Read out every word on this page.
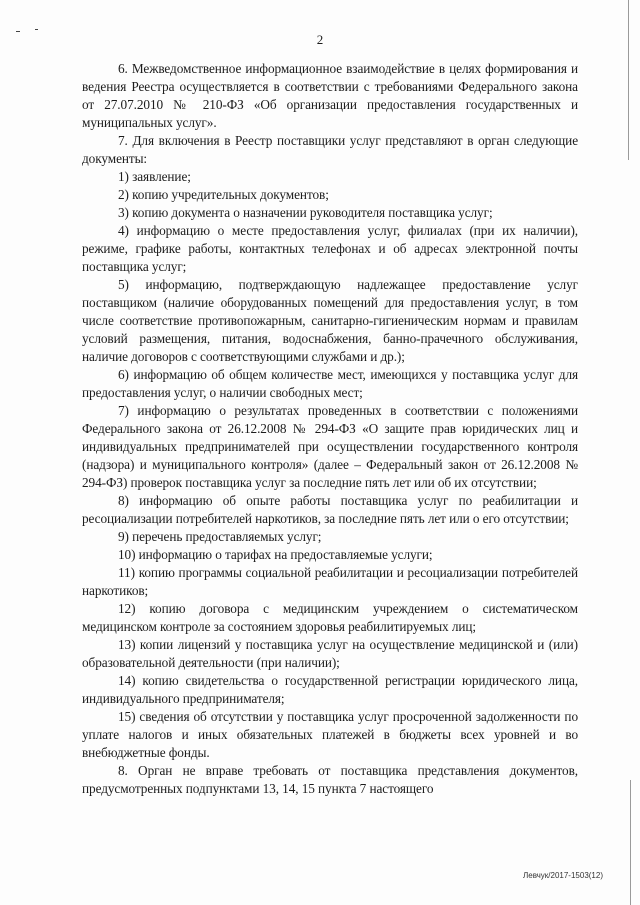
2

6. Межведомственное информационное взаимодействие в целях формирования и ведения Реестра осуществляется в соответствии с требованиями Федерального закона от 27.07.2010 № 210-ФЗ «Об организации предоставления государственных и муниципальных услуг».

7. Для включения в Реестр поставщики услуг представляют в орган следующие документы:

1) заявление;

2) копию учредительных документов;

3) копию документа о назначении руководителя поставщика услуг;

4) информацию о месте предоставления услуг, филиалах (при их наличии), режиме, графике работы, контактных телефонах и об адресах электронной почты поставщика услуг;

5) информацию, подтверждающую надлежащее предоставление услуг поставщиком (наличие оборудованных помещений для предоставления услуг, в том числе соответствие противопожарным, санитарно-гигиеническим нормам и правилам условий размещения, питания, водоснабжения, банно-прачечного обслуживания, наличие договоров с соответствующими службами и др.);

6) информацию об общем количестве мест, имеющихся у поставщика услуг для предоставления услуг, о наличии свободных мест;

7) информацию о результатах проведенных в соответствии с положениями Федерального закона от 26.12.2008 № 294-ФЗ «О защите прав юридических лиц и индивидуальных предпринимателей при осуществлении государственного контроля (надзора) и муниципального контроля» (далее – Федеральный закон от 26.12.2008 № 294-ФЗ) проверок поставщика услуг за последние пять лет или об их отсутствии;

8) информацию об опыте работы поставщика услуг по реабилитации и ресоциализации потребителей наркотиков, за последние пять лет или о его отсутствии;

9) перечень предоставляемых услуг;

10) информацию о тарифах на предоставляемые услуги;

11) копию программы социальной реабилитации и ресоциализации потребителей наркотиков;

12) копию договора с медицинским учреждением о систематическом медицинском контроле за состоянием здоровья реабилитируемых лиц;

13) копии лицензий у поставщика услуг на осуществление медицинской и (или) образовательной деятельности (при наличии);

14) копию свидетельства о государственной регистрации юридического лица, индивидуального предпринимателя;

15) сведения об отсутствии у поставщика услуг просроченной задолженности по уплате налогов и иных обязательных платежей в бюджеты всех уровней и во внебюджетные фонды.

8. Орган не вправе требовать от поставщика представления документов, предусмотренных подпунктами 13, 14, 15 пункта 7 настоящего

Левчук/2017-1503(12)
